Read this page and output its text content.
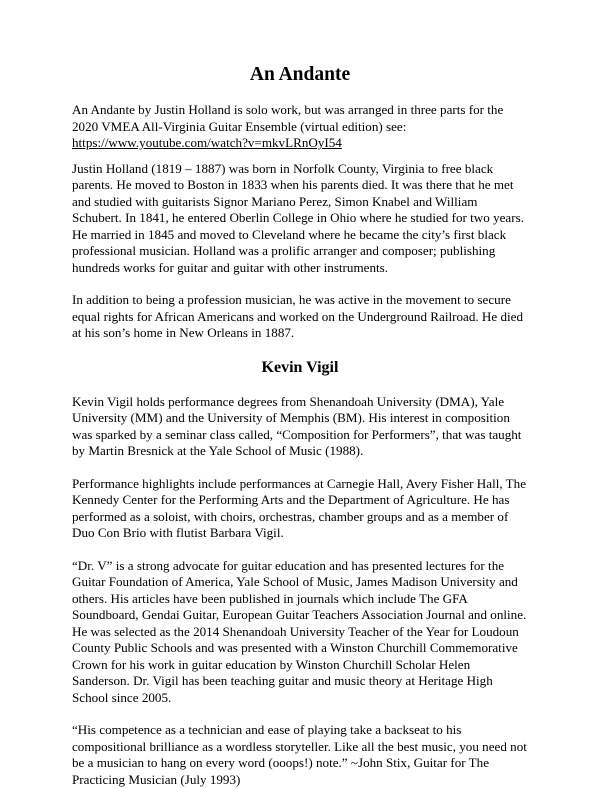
An Andante

An Andante by Justin Holland is solo work, but was arranged in three parts for the 2020 VMEA All-Virginia Guitar Ensemble (virtual edition) see:
https://www.youtube.com/watch?v=mkvLRnOyI54

Justin Holland (1819 – 1887) was born in Norfolk County, Virginia to free black parents. He moved to Boston in 1833 when his parents died. It was there that he met and studied with guitarists Signor Mariano Perez, Simon Knabel and William Schubert. In 1841, he entered Oberlin College in Ohio where he studied for two years. He married in 1845 and moved to Cleveland where he became the city’s first black professional musician. Holland was a prolific arranger and composer; publishing hundreds works for guitar and guitar with other instruments.

In addition to being a profession musician, he was active in the movement to secure equal rights for African Americans and worked on the Underground Railroad. He died at his son’s home in New Orleans in 1887.

Kevin Vigil

Kevin Vigil holds performance degrees from Shenandoah University (DMA), Yale University (MM) and the University of Memphis (BM). His interest in composition was sparked by a seminar class called, “Composition for Performers”, that was taught by Martin Bresnick at the Yale School of Music (1988).

Performance highlights include performances at Carnegie Hall, Avery Fisher Hall, The Kennedy Center for the Performing Arts and the Department of Agriculture. He has performed as a soloist, with choirs, orchestras, chamber groups and as a member of Duo Con Brio with flutist Barbara Vigil.

“Dr. V” is a strong advocate for guitar education and has presented lectures for the Guitar Foundation of America, Yale School of Music, James Madison University and others. His articles have been published in journals which include The GFA Soundboard, Gendai Guitar, European Guitar Teachers Association Journal and online. He was selected as the 2014 Shenandoah University Teacher of the Year for Loudoun County Public Schools and was presented with a Winston Churchill Commemorative Crown for his work in guitar education by Winston Churchill Scholar Helen Sanderson. Dr. Vigil has been teaching guitar and music theory at Heritage High School since 2005.

“His competence as a technician and ease of playing take a backseat to his compositional brilliance as a wordless storyteller. Like all the best music, you need not be a musician to hang on every word (ooops!) note.” ~John Stix, Guitar for The Practicing Musician (July 1993)
